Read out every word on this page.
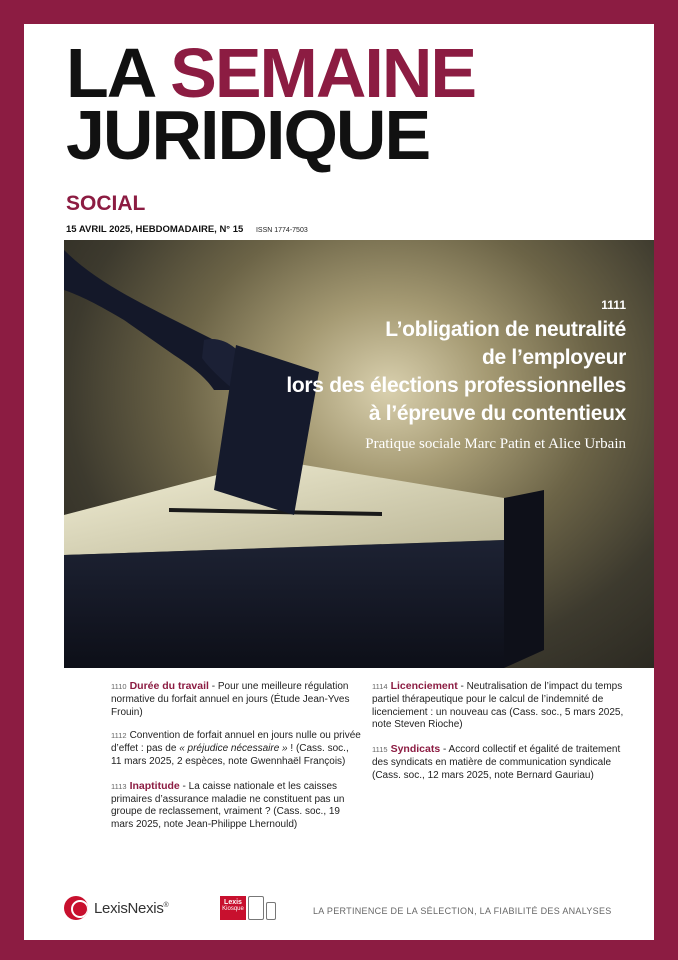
LA SEMAINE
JURIDIQUE
SOCIAL
15 AVRIL 2025, HEBDOMADAIRE, N° 15 ISSN 1774-7503
1111
L’obligation de neutralité
de l’employeur
lors des élections professionnelles
à l’épreuve du contentieux
Pratique sociale Marc Patin et Alice Urbain
1110 Durée du travail - Pour une meilleure régulation normative du forfait annuel en jours (Étude Jean-Yves Frouin)
1112 Convention de forfait annuel en jours nulle ou privée d’effet : pas de « préjudice nécessaire » ! (Cass. soc., 11 mars 2025, 2 espèces, note Gwennhaël François)
1113 Inaptitude - La caisse nationale et les caisses primaires d’assurance maladie ne constituent pas un groupe de reclassement, vraiment ? (Cass. soc., 19 mars 2025, note Jean-Philippe Lhernould)
1114 Licenciement - Neutralisation de l’impact du temps partiel thérapeutique pour le calcul de l’indemnité de licenciement : un nouveau cas (Cass. soc., 5 mars 2025, note Steven Rioche)
1115 Syndicats - Accord collectif et égalité de traitement des syndicats en matière de communication syndicale (Cass. soc., 12 mars 2025, note Bernard Gauriau)
LexisNexis®	Lexis
Kiosque	LA PERTINENCE DE LA SÉLECTION, LA FIABILITÉ DES ANALYSES
